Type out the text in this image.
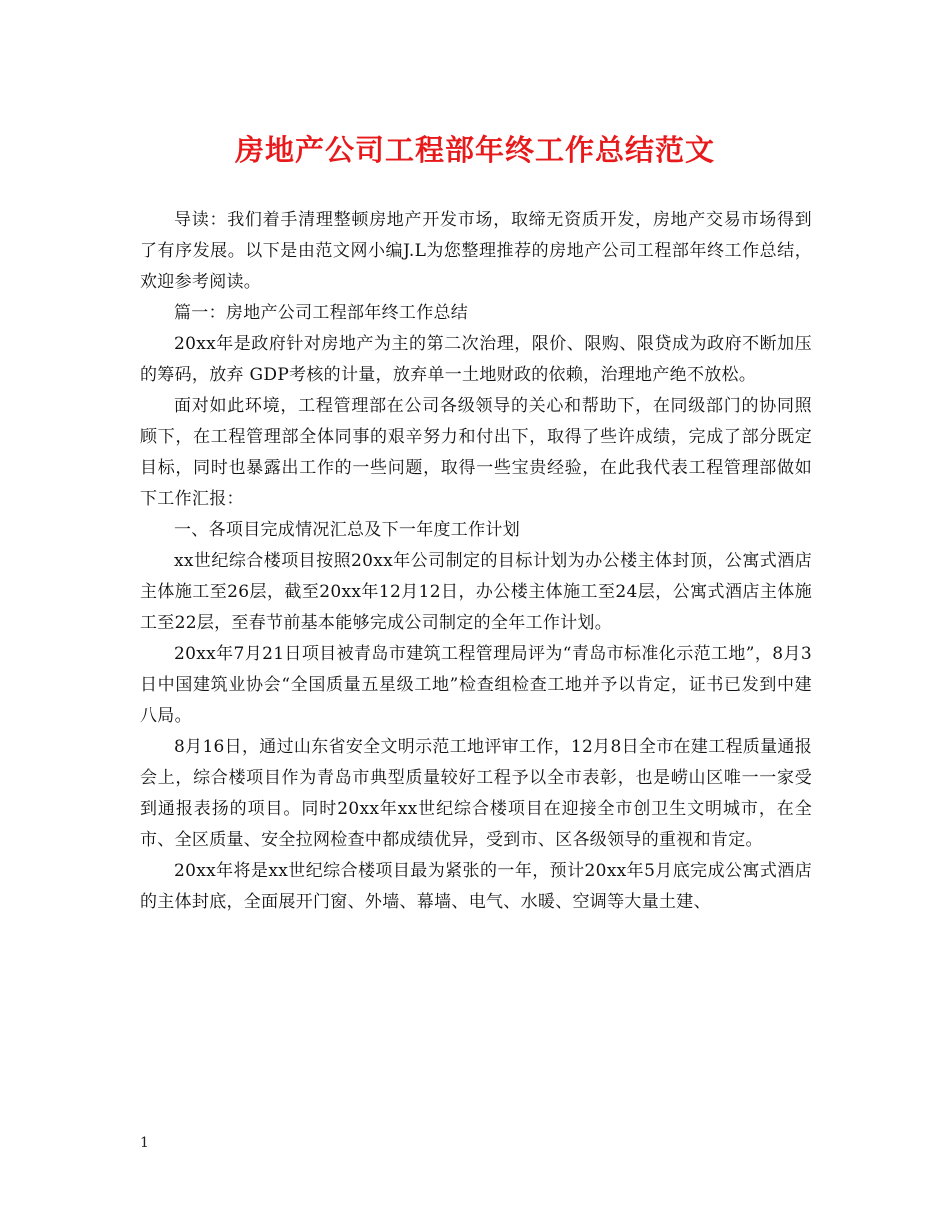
房地产公司工程部年终工作总结范文

导读：我们着手清理整顿房地产开发市场，取缔无资质开发，房地产交易市场得到了有序发展。以下是由范文网小编J.L为您整理推荐的房地产公司工程部年终工作总结，欢迎参考阅读。

篇一：房地产公司工程部年终工作总结

20xx年是政府针对房地产为主的第二次治理，限价、限购、限贷成为政府不断加压的筹码，放弃 GDP考核的计量，放弃单一土地财政的依赖，治理地产绝不放松。

面对如此环境，工程管理部在公司各级领导的关心和帮助下，在同级部门的协同照顾下，在工程管理部全体同事的艰辛努力和付出下，取得了些许成绩，完成了部分既定目标，同时也暴露出工作的一些问题，取得一些宝贵经验，在此我代表工程管理部做如下工作汇报：

一、各项目完成情况汇总及下一年度工作计划

xx世纪综合楼项目按照20xx年公司制定的目标计划为办公楼主体封顶，公寓式酒店主体施工至26层，截至20xx年12月12日，办公楼主体施工至24层，公寓式酒店主体施工至22层，至春节前基本能够完成公司制定的全年工作计划。

20xx年7月21日项目被青岛市建筑工程管理局评为“青岛市标准化示范工地”，8月3日中国建筑业协会“全国质量五星级工地”检查组检查工地并予以肯定，证书已发到中建八局。

8月16日，通过山东省安全文明示范工地评审工作，12月8日全市在建工程质量通报会上，综合楼项目作为青岛市典型质量较好工程予以全市表彰，也是崂山区唯一一家受到通报表扬的项目。同时20xx年xx世纪综合楼项目在迎接全市创卫生文明城市，在全市、全区质量、安全拉网检查中都成绩优异，受到市、区各级领导的重视和肯定。

20xx年将是xx世纪综合楼项目最为紧张的一年，预计20xx年5月底完成公寓式酒店的主体封底，全面展开门窗、外墙、幕墙、电气、水暖、空调等大量土建、

1
